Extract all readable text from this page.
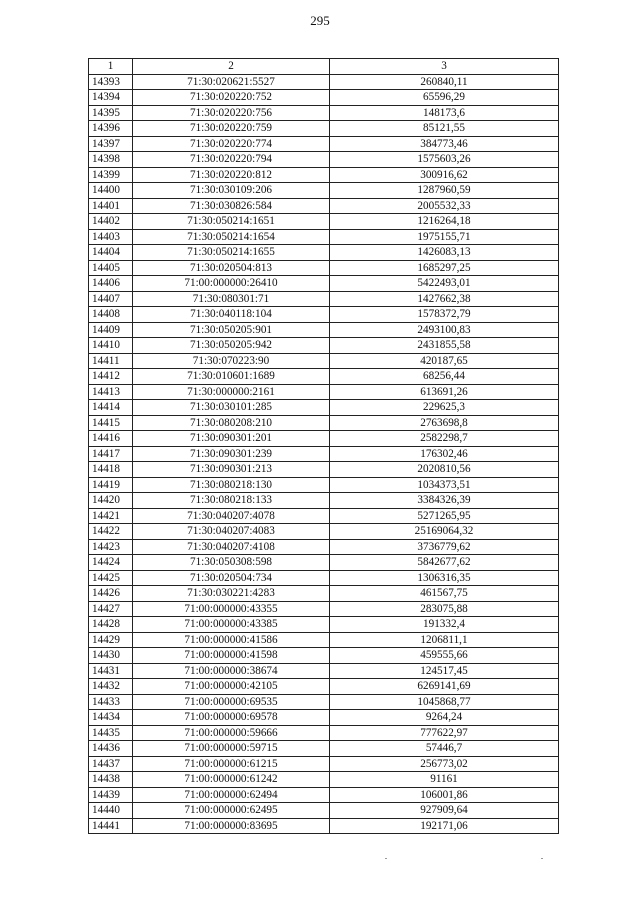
295
1	2	3
14393	71:30:020621:5527	260840,11
14394	71:30:020220:752	65596,29
14395	71:30:020220:756	148173,6
14396	71:30:020220:759	85121,55
14397	71:30:020220:774	384773,46
14398	71:30:020220:794	1575603,26
14399	71:30:020220:812	300916,62
14400	71:30:030109:206	1287960,59
14401	71:30:030826:584	2005532,33
14402	71:30:050214:1651	1216264,18
14403	71:30:050214:1654	1975155,71
14404	71:30:050214:1655	1426083,13
14405	71:30:020504:813	1685297,25
14406	71:00:000000:26410	5422493,01
14407	71:30:080301:71	1427662,38
14408	71:30:040118:104	1578372,79
14409	71:30:050205:901	2493100,83
14410	71:30:050205:942	2431855,58
14411	71:30:070223:90	420187,65
14412	71:30:010601:1689	68256,44
14413	71:30:000000:2161	613691,26
14414	71:30:030101:285	229625,3
14415	71:30:080208:210	2763698,8
14416	71:30:090301:201	2582298,7
14417	71:30:090301:239	176302,46
14418	71:30:090301:213	2020810,56
14419	71:30:080218:130	1034373,51
14420	71:30:080218:133	3384326,39
14421	71:30:040207:4078	5271265,95
14422	71:30:040207:4083	25169064,32
14423	71:30:040207:4108	3736779,62
14424	71:30:050308:598	5842677,62
14425	71:30:020504:734	1306316,35
14426	71:30:030221:4283	461567,75
14427	71:00:000000:43355	283075,88
14428	71:00:000000:43385	191332,4
14429	71:00:000000:41586	1206811,1
14430	71:00:000000:41598	459555,66
14431	71:00:000000:38674	124517,45
14432	71:00:000000:42105	6269141,69
14433	71:00:000000:69535	1045868,77
14434	71:00:000000:69578	9264,24
14435	71:00:000000:59666	777622,97
14436	71:00:000000:59715	57446,7
14437	71:00:000000:61215	256773,02
14438	71:00:000000:61242	91161
14439	71:00:000000:62494	106001,86
14440	71:00:000000:62495	927909,64
14441	71:00:000000:83695	192171,06
